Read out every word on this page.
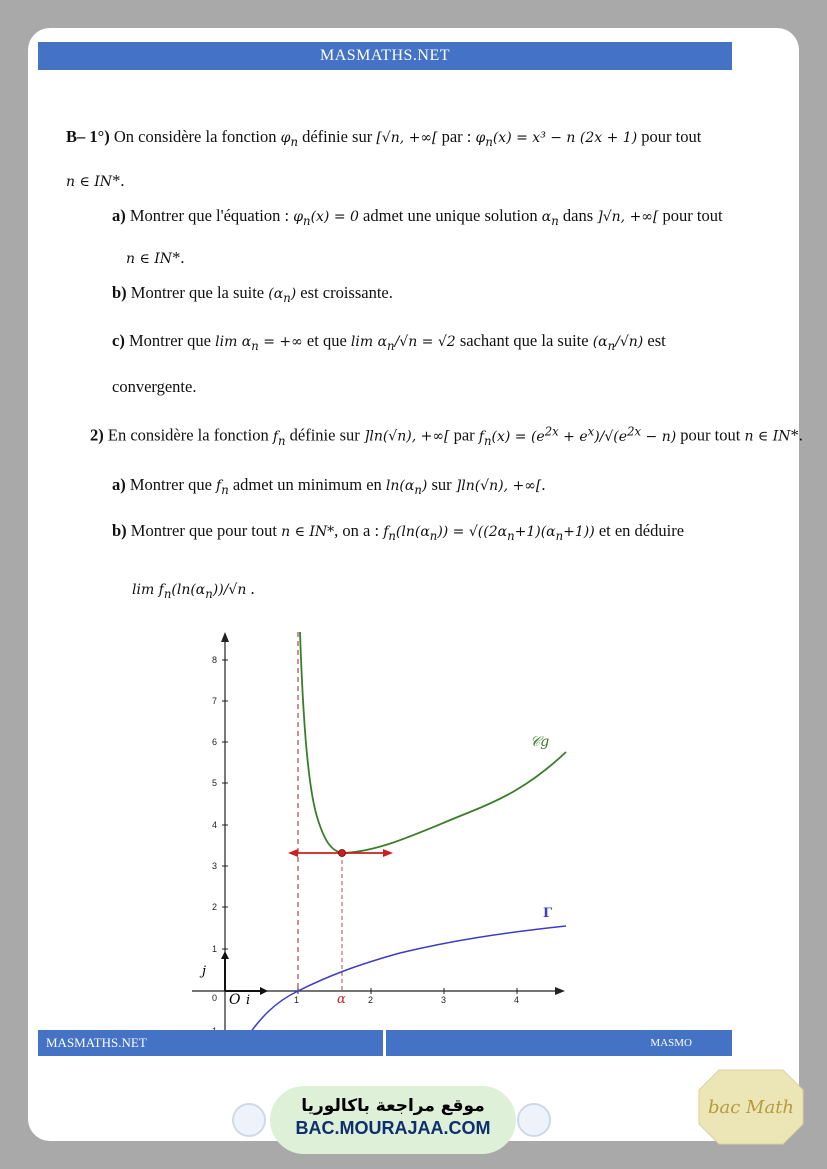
MASMATHS.NET
B– 1°) On considère la fonction $\varphi_n$ définie sur [√n, +∞[ par : $\varphi_n(x) = x^3 - n$ (2x + 1) pour tout
n ∈ IN*.
a) Montrer que l'équation : $\varphi_n(x) = 0$ admet une unique solution $\alpha_n$ dans ]√n, +∞[ pour tout
n ∈ IN*.
b) Montrer que la suite $(\alpha_n)$ est croissante.
c) Montrer que $\lim \alpha_n$ = +∞ et que $\lim \alpha_n/√n = √2$ sachant que la suite $(\alpha_n/√n)$ est
convergente.
2) En considère la fonction $f_n$ définie sur ]ln(√n), +∞[ par $f_n(x) = (e^{2x} + e^x)/√(e^{2x} - n)$ pour tout n ∈ IN*.
a) Montrer que $f_n$ admet un minimum en $\ln(\alpha_n)$ sur ]ln(√n), +∞[.
b) Montrer que pour tout n ∈ IN*, on a : $f_n(\ln(\alpha_n)) = √((2\alpha_n+1)(\alpha_n+1))$ et en déduire
$\lim f_n(\ln(\alpha_n))/√n$ .
8
7
6
5
4
3
2
1
0	1	2	3	4
O i
j
α
𝒞g
Γ
MASMATHS.NET	MASMO
موقع مراجعة باكالوريا
BAC.MOURAJAA.COM
bac Math
